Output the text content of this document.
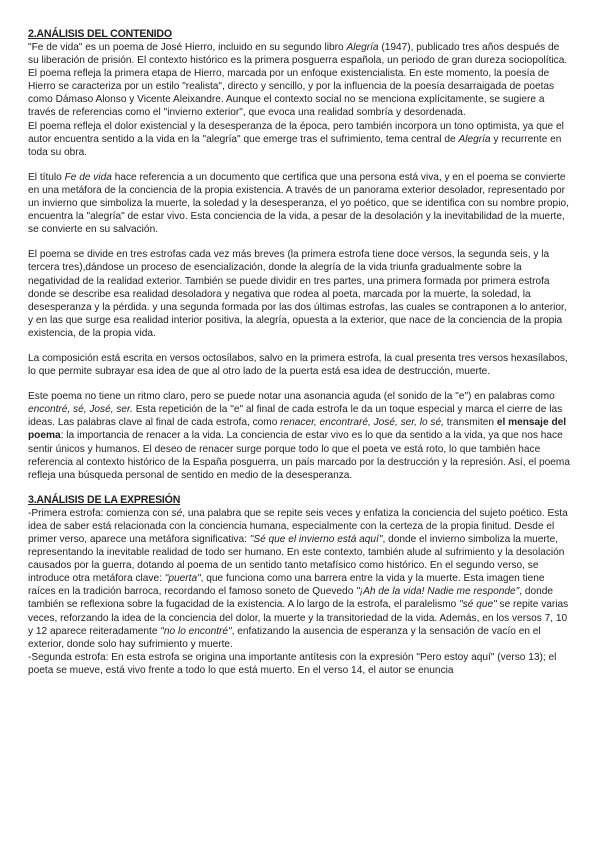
2.ANÁLISIS DEL CONTENIDO

"Fe de vida" es un poema de José Hierro, incluido en su segundo libro Alegría (1947), publicado tres años después de su liberación de prisión. El contexto histórico es la primera posguerra española, un periodo de gran dureza sociopolítica. El poema refleja la primera etapa de Hierro, marcada por un enfoque existencialista. En este momento, la poesía de Hierro se caracteriza por un estilo "realista", directo y sencillo, y por la influencia de la poesía desarraigada de poetas como Dámaso Alonso y Vicente Aleixandre. Aunque el contexto social no se menciona explícitamente, se sugiere a través de referencias como el "invierno exterior", que evoca una realidad sombría y desordenada.

El poema refleja el dolor existencial y la desesperanza de la época, pero también incorpora un tono optimista, ya que el autor encuentra sentido a la vida en la "alegría" que emerge tras el sufrimiento, tema central de Alegría y recurrente en toda su obra.

El título Fe de vida hace referencia a un documento que certifica que una persona está viva, y en el poema se convierte en una metáfora de la conciencia de la propia existencia. A través de un panorama exterior desolador, representado por un invierno que simboliza la muerte, la soledad y la desesperanza, el yo poético, que se identifica con su nombre propio, encuentra la "alegría" de estar vivo. Esta conciencia de la vida, a pesar de la desolación y la inevitabilidad de la muerte, se convierte en su salvación.

El poema se divide en tres estrofas cada vez más breves (la primera estrofa tiene doce versos, la segunda seis, y la tercera tres),dándose un proceso de esencialización, donde la alegría de la vida triunfa gradualmente sobre la negatividad de la realidad exterior. También se puede dividir en tres partes, una primera formada por primera estrofa donde se describe esa realidad desoladora y negativa que rodea al poeta, marcada por la muerte, la soledad, la desesperanza y la pérdida. y una segunda formada por las dos últimas estrofas, las cuales se contraponen a lo anterior, y en las que surge esa realidad interior positiva, la alegría, opuesta a la exterior, que nace de la conciencia de la propia existencia, de la propia vida.

La composición está escrita en versos octosílabos, salvo en la primera estrofa, la cual presenta tres versos hexasílabos, lo que permite subrayar esa idea de que al otro lado de la puerta está esa idea de destrucción, muerte.

Este poema no tiene un ritmo claro, pero se puede notar una asonancia aguda (el sonido de la "e") en palabras como encontré, sé, José, ser. Esta repetición de la "e" al final de cada estrofa le da un toque especial y marca el cierre de las ideas. Las palabras clave al final de cada estrofa, como renacer, encontraré, José, ser, lo sé, transmiten el mensaje del poema: la importancia de renacer a la vida. La conciencia de estar vivo es lo que da sentido a la vida, ya que nos hace sentir únicos y humanos. El deseo de renacer surge porque todo lo que el poeta ve está roto, lo que también hace referencia al contexto histórico de la España posguerra, un país marcado por la destrucción y la represión. Así, el poema refleja una búsqueda personal de sentido en medio de la desesperanza.

3.ANÁLISIS DE LA EXPRESIÓN

-Primera estrofa: comienza con sé, una palabra que se repite seis veces y enfatiza la conciencia del sujeto poético. Esta idea de saber está relacionada con la conciencia humana, especialmente con la certeza de la propia finitud. Desde el primer verso, aparece una metáfora significativa: "Sé que el invierno está aquí", donde el invierno simboliza la muerte, representando la inevitable realidad de todo ser humano. En este contexto, también alude al sufrimiento y la desolación causados por la guerra, dotando al poema de un sentido tanto metafísico como histórico. En el segundo verso, se introduce otra metáfora clave: "puerta", que funciona como una barrera entre la vida y la muerte. Esta imagen tiene raíces en la tradición barroca, recordando el famoso soneto de Quevedo "¡Ah de la vida! Nadie me responde", donde también se reflexiona sobre la fugacidad de la existencia. A lo largo de la estrofa, el paralelismo "sé que" se repite varias veces, reforzando la idea de la conciencia del dolor, la muerte y la transitoriedad de la vida. Además, en los versos 7, 10 y 12 aparece reiteradamente "no lo encontré", enfatizando la ausencia de esperanza y la sensación de vacío en el exterior, donde solo hay sufrimiento y muerte.

-Segunda estrofa: En esta estrofa se origina una importante antítesis con la expresión "Pero estoy aquí" (verso 13); el poeta se mueve, está vivo frente a todo lo que está muerto. En el verso 14, el autor se enuncia
